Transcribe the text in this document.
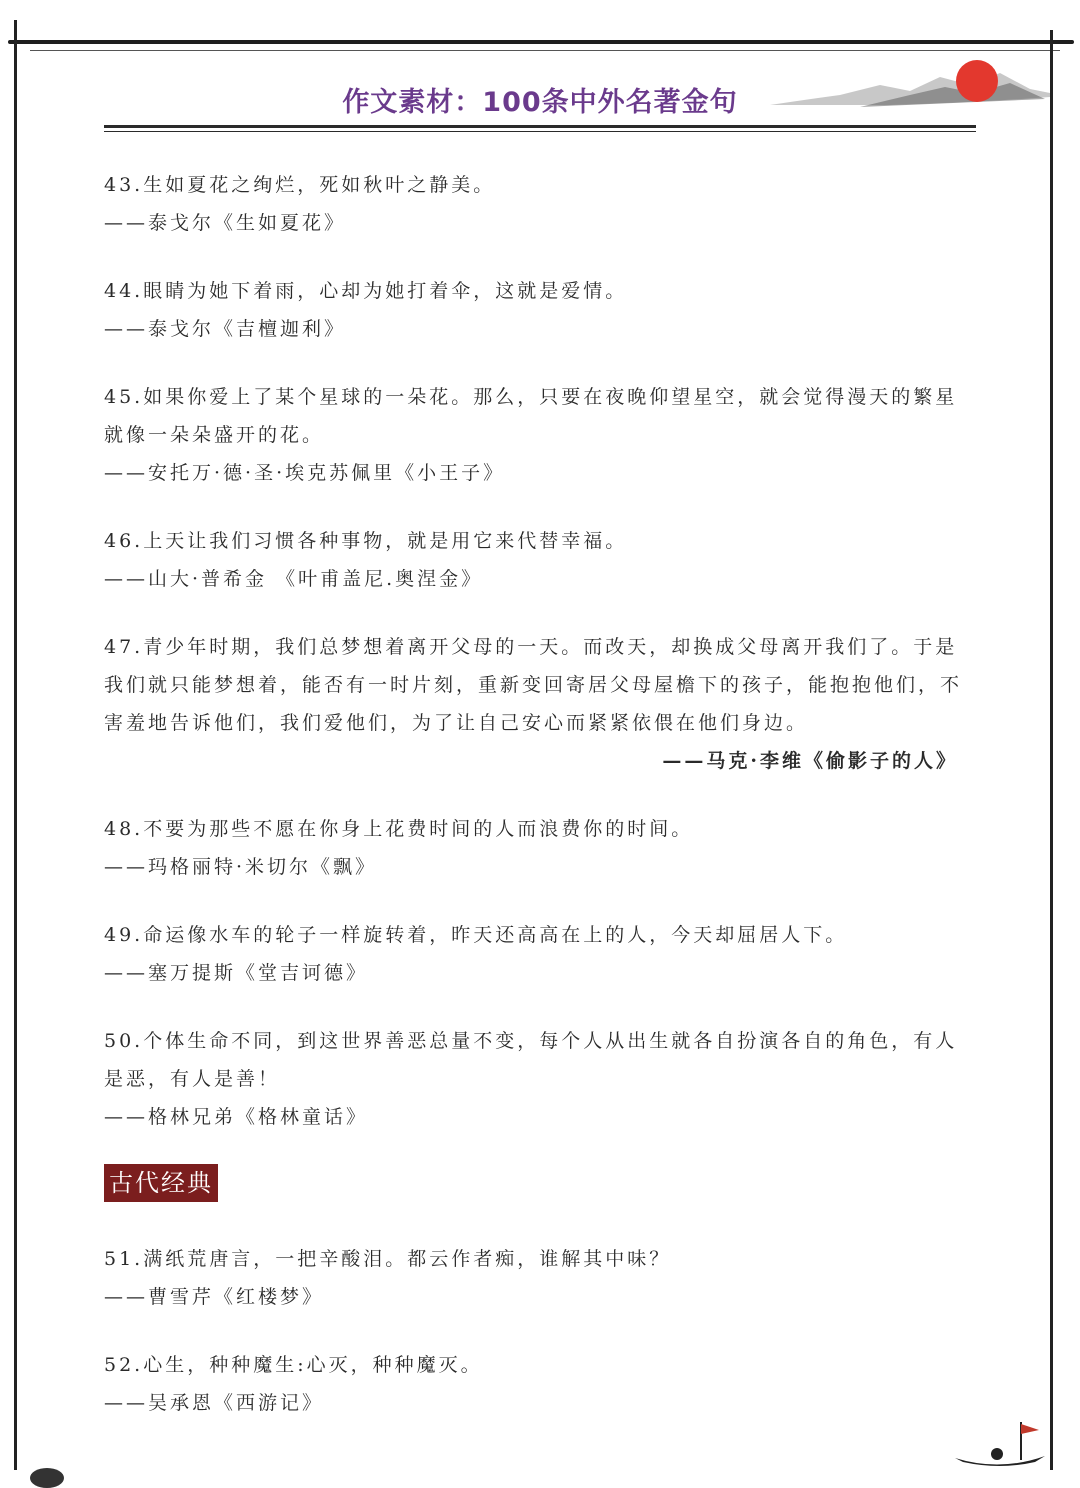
作文素材：100条中外名著金句
43.生如夏花之绚烂，死如秋叶之静美。
——泰戈尔《生如夏花》
44.眼睛为她下着雨，心却为她打着伞，这就是爱情。
——泰戈尔《吉檀迦利》
45.如果你爱上了某个星球的一朵花。那么，只要在夜晚仰望星空，就会觉得漫天的繁星
就像一朵朵盛开的花。
——安托万·德·圣·埃克苏佩里《小王子》
46.上天让我们习惯各种事物，就是用它来代替幸福。
——山大·普希金 《叶甫盖尼.奥涅金》
47.青少年时期，我们总梦想着离开父母的一天。而改天，却换成父母离开我们了。于是
我们就只能梦想着，能否有一时片刻，重新变回寄居父母屋檐下的孩子，能抱抱他们，不
害羞地告诉他们，我们爱他们，为了让自己安心而紧紧依偎在他们身边。
——马克·李维《偷影子的人》
48.不要为那些不愿在你身上花费时间的人而浪费你的时间。
——玛格丽特·米切尔《飘》
49.命运像水车的轮子一样旋转着，昨天还高高在上的人，今天却屈居人下。
——塞万提斯《堂吉诃德》
50.个体生命不同，到这世界善恶总量不变，每个人从出生就各自扮演各自的角色，有人
是恶，有人是善！
——格林兄弟《格林童话》
古代经典
51.满纸荒唐言，一把辛酸泪。都云作者痴，谁解其中味？
——曹雪芹《红楼梦》
52.心生，种种魔生:心灭，种种魔灭。
——吴承恩《西游记》
